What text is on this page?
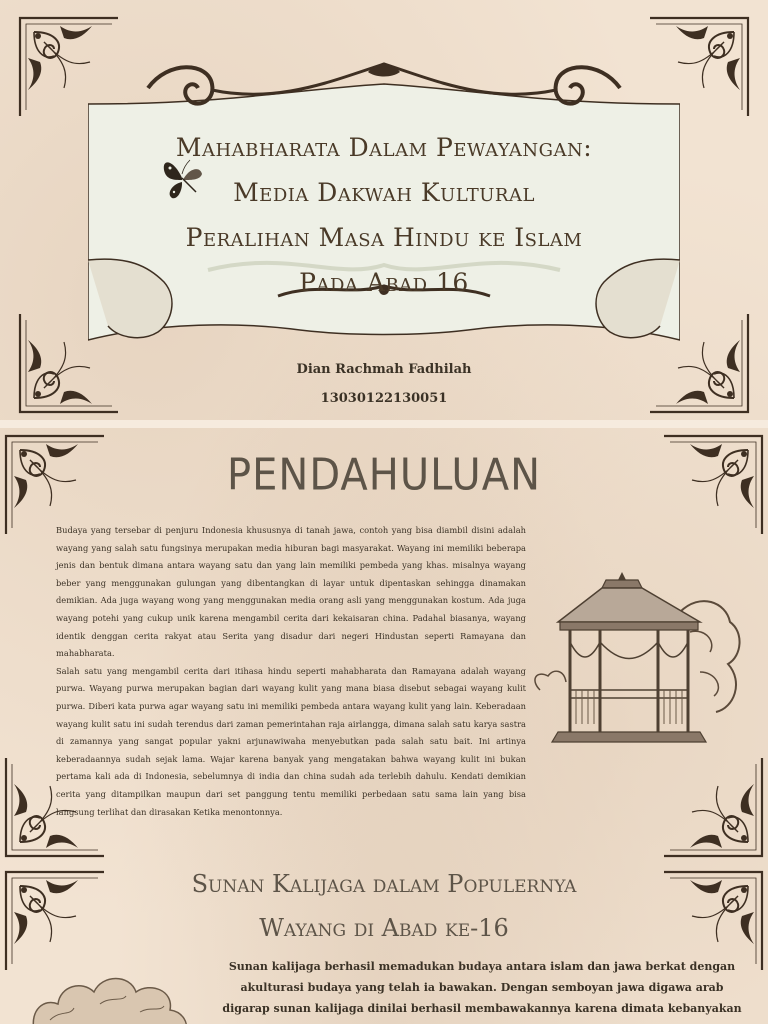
Mahabharata Dalam Pewayangan:
Media Dakwah Kultural
Peralihan Masa Hindu ke Islam
Pada Abad 16
Dian Rachmah Fadhilah
13030122130051
PENDAHULUAN

Budaya yang tersebar di penjuru Indonesia khususnya di tanah jawa, contoh yang bisa diambil disini adalah wayang yang salah satu fungsinya merupakan media hiburan bagi masyarakat. Wayang ini memiliki beberapa jenis dan bentuk dimana antara wayang satu dan yang lain memiliki pembeda yang khas. misalnya wayang beber yang menggunakan gulungan yang dibentangkan di layar untuk dipentaskan sehingga dinamakan demikian. Ada juga wayang wong yang menggunakan media orang asli yang menggunakan kostum. Ada juga wayang potehi yang cukup unik karena mengambil cerita dari kekaisaran china. Padahal biasanya, wayang identik denggan cerita rakyat atau Serita yang disadur dari negeri Hindustan seperti Ramayana dan mahabharata.

Salah satu yang mengambil cerita dari itihasa hindu seperti mahabharata dan Ramayana adalah wayang purwa. Wayang purwa merupakan bagian dari wayang kulit yang mana biasa disebut sebagai wayang kulit purwa. Diberi kata purwa agar wayang satu ini memiliki pembeda antara wayang kulit yang lain. Keberadaan wayang kulit satu ini sudah terendus dari zaman pemerintahan raja airlangga, dimana salah satu karya sastra di zamannya yang sangat popular yakni arjunawiwaha menyebutkan pada salah satu bait. Ini artinya keberadaannya sudah sejak lama. Wajar karena banyak yang mengatakan bahwa wayang kulit ini bukan pertama kali ada di Indonesia, sebelumnya di india dan china sudah ada terlebih dahulu. Kendati demikian cerita yang ditampilkan maupun dari set panggung tentu memiliki perbedaan satu sama lain yang bisa langsung terlihat dan dirasakan Ketika menontonnya.

Sunan Kalijaga dalam Populernya
Wayang di Abad ke-16
Sunan kalijaga berhasil memadukan budaya antara islam dan jawa berkat dengan akulturasi budaya yang telah ia bawakan. Dengan semboyan jawa digawa arab digarap sunan kalijaga dinilai berhasil membawakannya karena dimata kebanyakan
